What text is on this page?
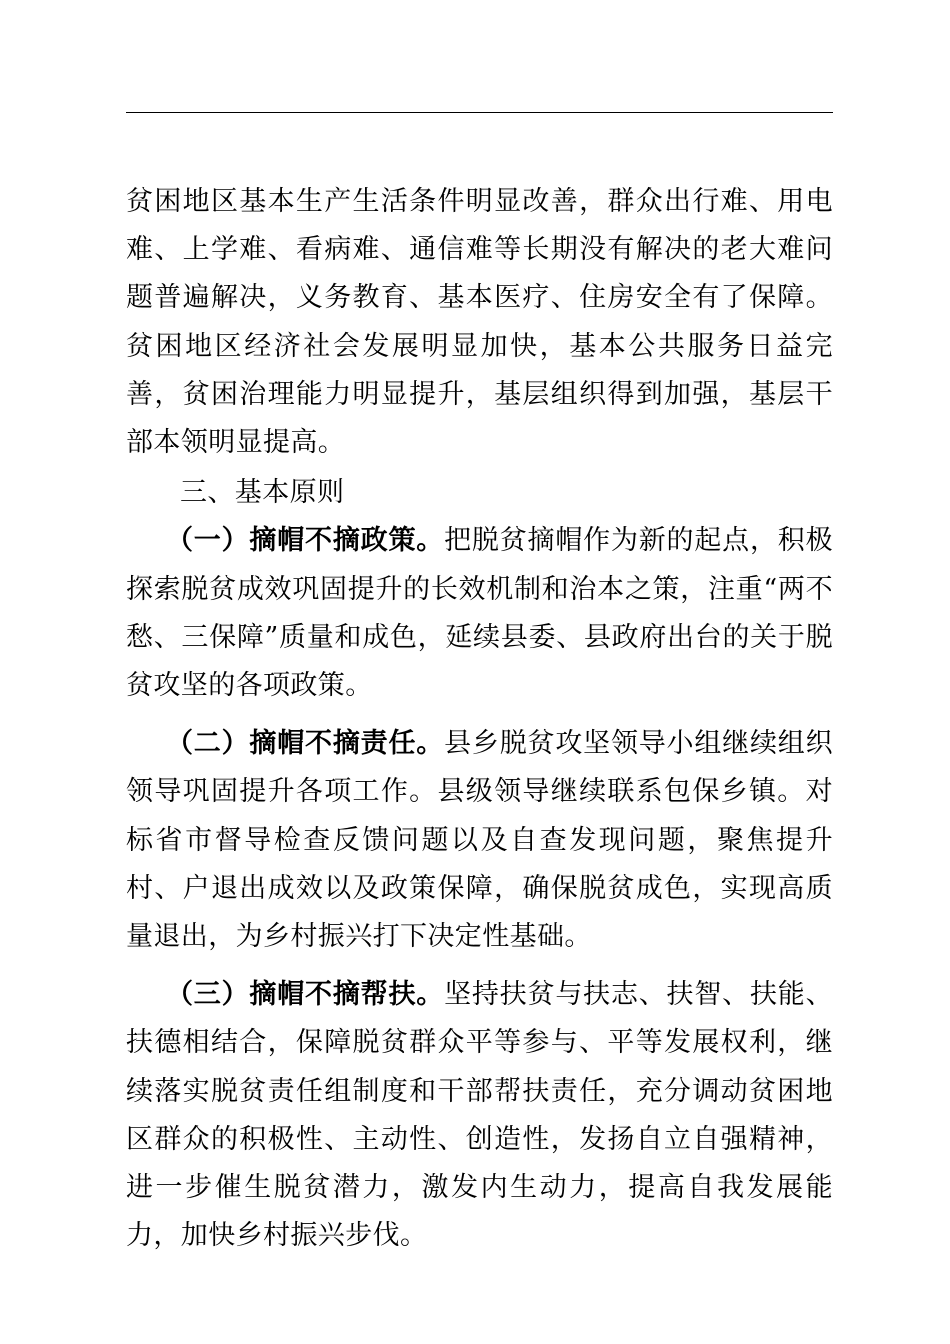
贫困地区基本生产生活条件明显改善，群众出行难、用电难、上学难、看病难、通信难等长期没有解决的老大难问题普遍解决，义务教育、基本医疗、住房安全有了保障。贫困地区经济社会发展明显加快，基本公共服务日益完善，贫困治理能力明显提升，基层组织得到加强，基层干部本领明显提高。

三、基本原则

（一）摘帽不摘政策。把脱贫摘帽作为新的起点，积极探索脱贫成效巩固提升的长效机制和治本之策，注重“两不愁、三保障”质量和成色，延续县委、县政府出台的关于脱贫攻坚的各项政策。

（二）摘帽不摘责任。县乡脱贫攻坚领导小组继续组织领导巩固提升各项工作。县级领导继续联系包保乡镇。对标省市督导检查反馈问题以及自查发现问题，聚焦提升村、户退出成效以及政策保障，确保脱贫成色，实现高质量退出，为乡村振兴打下决定性基础。

（三）摘帽不摘帮扶。坚持扶贫与扶志、扶智、扶能、扶德相结合，保障脱贫群众平等参与、平等发展权利，继续落实脱贫责任组制度和干部帮扶责任，充分调动贫困地区群众的积极性、主动性、创造性，发扬自立自强精神，进一步催生脱贫潜力，激发内生动力，提高自我发展能力，加快乡村振兴步伐。
